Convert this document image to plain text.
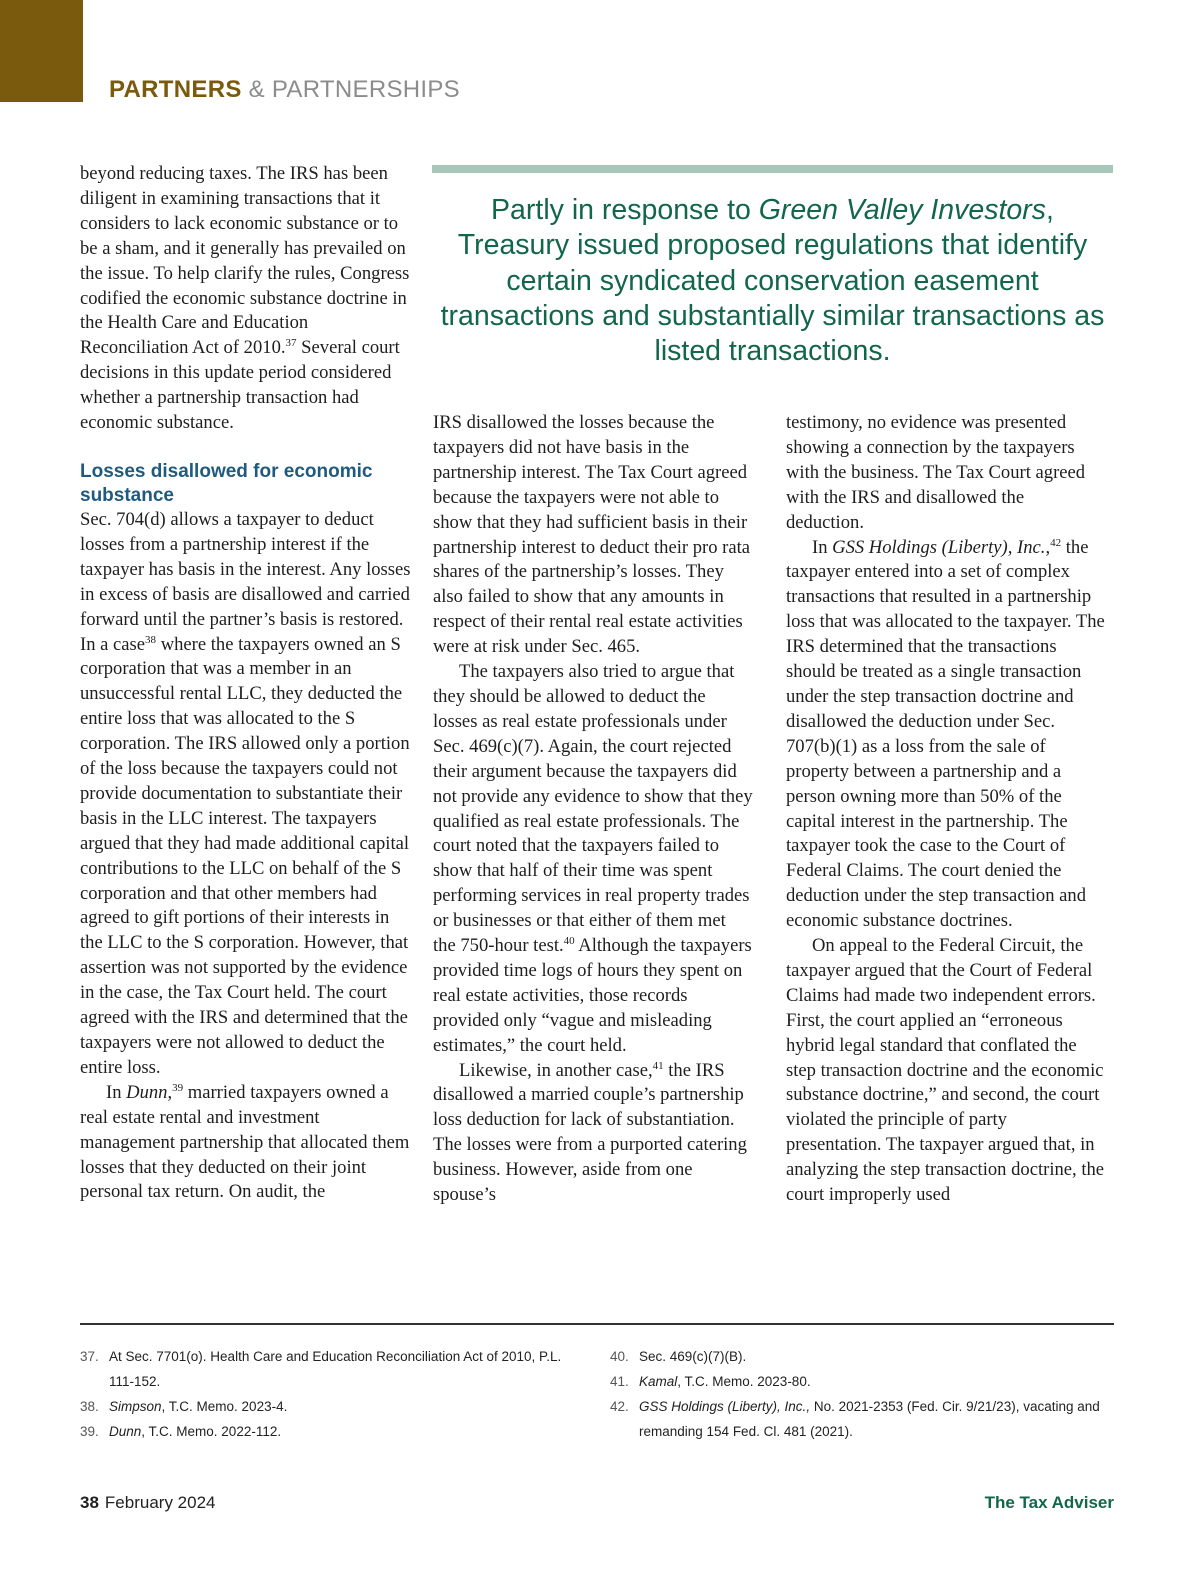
PARTNERS & PARTNERSHIPS

beyond reducing taxes. The IRS has been diligent in examining transactions that it considers to lack economic substance or to be a sham, and it generally has prevailed on the issue. To help clarify the rules, Congress codified the economic substance doctrine in the Health Care and Education Reconciliation Act of 2010.37 Several court decisions in this update period considered whether a partnership transaction had economic substance.

Losses disallowed for economic substance

Sec. 704(d) allows a taxpayer to deduct losses from a partnership interest if the taxpayer has basis in the interest. Any losses in excess of basis are disallowed and carried forward until the partner’s basis is restored. In a case$^{38}$ where the taxpayers owned an S corporation that was a member in an unsuccessful rental LLC, they deducted the entire loss that was allocated to the S corporation. The IRS allowed only a portion of the loss because the taxpayers could not provide documentation to substantiate their basis in the LLC interest. The taxpayers argued that they had made additional capital contributions to the LLC on behalf of the S corporation and that other members had agreed to gift portions of their interests in the LLC to the S corporation. However, that assertion was not supported by the evidence in the case, the Tax Court held. The court agreed with the IRS and determined that the taxpayers were not allowed to deduct the entire loss.

In Dunn,$^{39}$ married taxpayers owned a real estate rental and investment management partnership that allocated them losses that they deducted on their joint personal tax return. On audit, the

Partly in response to Green Valley Investors, Treasury issued proposed regulations that identify certain syndicated conservation easement transactions and substantially similar transactions as listed transactions.

IRS disallowed the losses because the taxpayers did not have basis in the partnership interest. The Tax Court agreed because the taxpayers were not able to show that they had sufficient basis in their partnership interest to deduct their pro rata shares of the partnership’s losses. They also failed to show that any amounts in respect of their rental real estate activities were at risk under Sec. 465.

The taxpayers also tried to argue that they should be allowed to deduct the losses as real estate professionals under Sec. 469(c)(7). Again, the court rejected their argument because the taxpayers did not provide any evidence to show that they qualified as real estate professionals. The court noted that the taxpayers failed to show that half of their time was spent performing services in real property trades or businesses or that either of them met the 750-hour test.$^{40}$ Although the taxpayers provided time logs of hours they spent on real estate activities, those records provided only “vague and misleading estimates,” the court held.

Likewise, in another case,$^{41}$ the IRS disallowed a married couple’s partnership loss deduction for lack of substantiation. The losses were from a purported catering business. However, aside from one spouse’s

testimony, no evidence was presented showing a connection by the taxpayers with the business. The Tax Court agreed with the IRS and disallowed the deduction.

In GSS Holdings (Liberty), Inc.,$^{42}$ the taxpayer entered into a set of complex transactions that resulted in a partnership loss that was allocated to the taxpayer. The IRS determined that the transactions should be treated as a single transaction under the step transaction doctrine and disallowed the deduction under Sec. 707(b)(1) as a loss from the sale of property between a partnership and a person owning more than 50% of the capital interest in the partnership. The taxpayer took the case to the Court of Federal Claims. The court denied the deduction under the step transaction and economic substance doctrines.

On appeal to the Federal Circuit, the taxpayer argued that the Court of Federal Claims had made two independent errors. First, the court applied an “erroneous hybrid legal standard that conflated the step transaction doctrine and the economic substance doctrine,” and second, the court violated the principle of party presentation. The taxpayer argued that, in analyzing the step transaction doctrine, the court improperly used

37. At Sec. 7701(o). Health Care and Education Reconciliation Act of 2010, P.L. 111-152.
38. Simpson, T.C. Memo. 2023-4.
39. Dunn, T.C. Memo. 2022-112.
40. Sec. 469(c)(7)(B).
41. Kamal, T.C. Memo. 2023-80.
42. GSS Holdings (Liberty), Inc., No. 2021-2353 (Fed. Cir. 9/21/23), vacating and remanding 154 Fed. Cl. 481 (2021).
38 February 2024	The Tax Adviser
